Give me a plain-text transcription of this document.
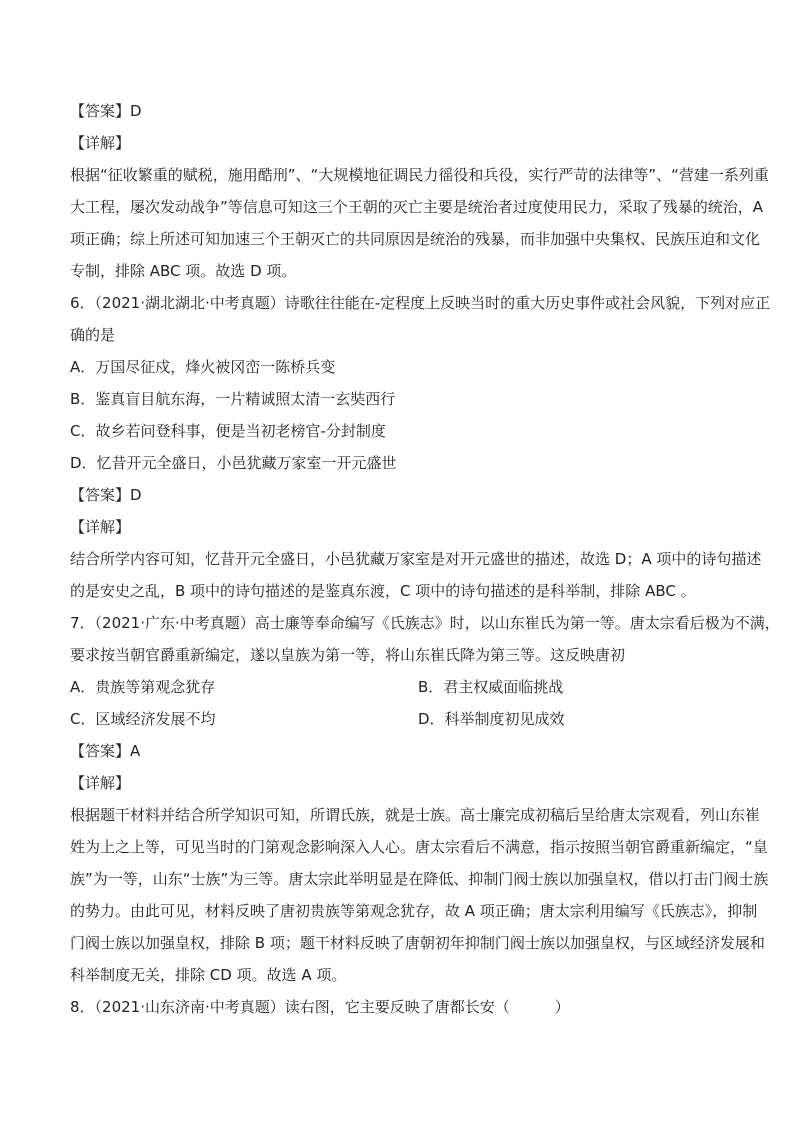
【答案】D
【详解】
根据“征收繁重的赋税，施用酷刑”、“大规模地征调民力徭役和兵役，实行严苛的法律等”、“营建一系列重
大工程，屡次发动战争”等信息可知这三个王朝的灭亡主要是统治者过度使用民力，采取了残暴的统治，A
项正确；综上所述可知加速三个王朝灭亡的共同原因是统治的残暴，而非加强中央集权、民族压迫和文化
专制，排除 ABC 项。故选 D 项。
6．（2021·湖北湖北·中考真题）诗歌往往能在-定程度上反映当时的重大历史事件或社会风貌，下列对应正
确的是
A．万国尽征戍，烽火被冈峦一陈桥兵变
B．鉴真盲目航东海，一片精诚照太清一玄奘西行
C．故乡若问登科事，便是当初老榜官-分封制度
D．忆昔开元全盛日，小邑犹藏万家室一开元盛世
【答案】D
【详解】
结合所学内容可知，忆昔开元全盛日，小邑犹藏万家室是对开元盛世的描述，故选 D；A 项中的诗句描述
的是安史之乱，B 项中的诗句描述的是鉴真东渡，C 项中的诗句描述的是科举制，排除 ABC 。
7．（2021·广东·中考真题）高士廉等奉命编写《氏族志》时，以山东崔氏为第一等。唐太宗看后极为不满，
要求按当朝官爵重新编定，遂以皇族为第一等，将山东崔氏降为第三等。这反映唐初
A．贵族等第观念犹存	B．君主权威面临挑战
C．区域经济发展不均	D．科举制度初见成效
【答案】A
【详解】
根据题干材料并结合所学知识可知，所谓氏族，就是士族。高士廉完成初稿后呈给唐太宗观看，列山东崔
姓为上之上等，可见当时的门第观念影响深入人心。唐太宗看后不满意，指示按照当朝官爵重新编定，“皇
族”为一等，山东“士族”为三等。唐太宗此举明显是在降低、抑制门阀士族以加强皇权，借以打击门阀士族
的势力。由此可见，材料反映了唐初贵族等第观念犹存，故 A 项正确；唐太宗利用编写《氏族志》，抑制
门阀士族以加强皇权，排除 B 项；题干材料反映了唐朝初年抑制门阀士族以加强皇权，与区域经济发展和
科举制度无关，排除 CD 项。故选 A 项。
8．（2021·山东济南·中考真题）读右图，它主要反映了唐都长安（　　　）
